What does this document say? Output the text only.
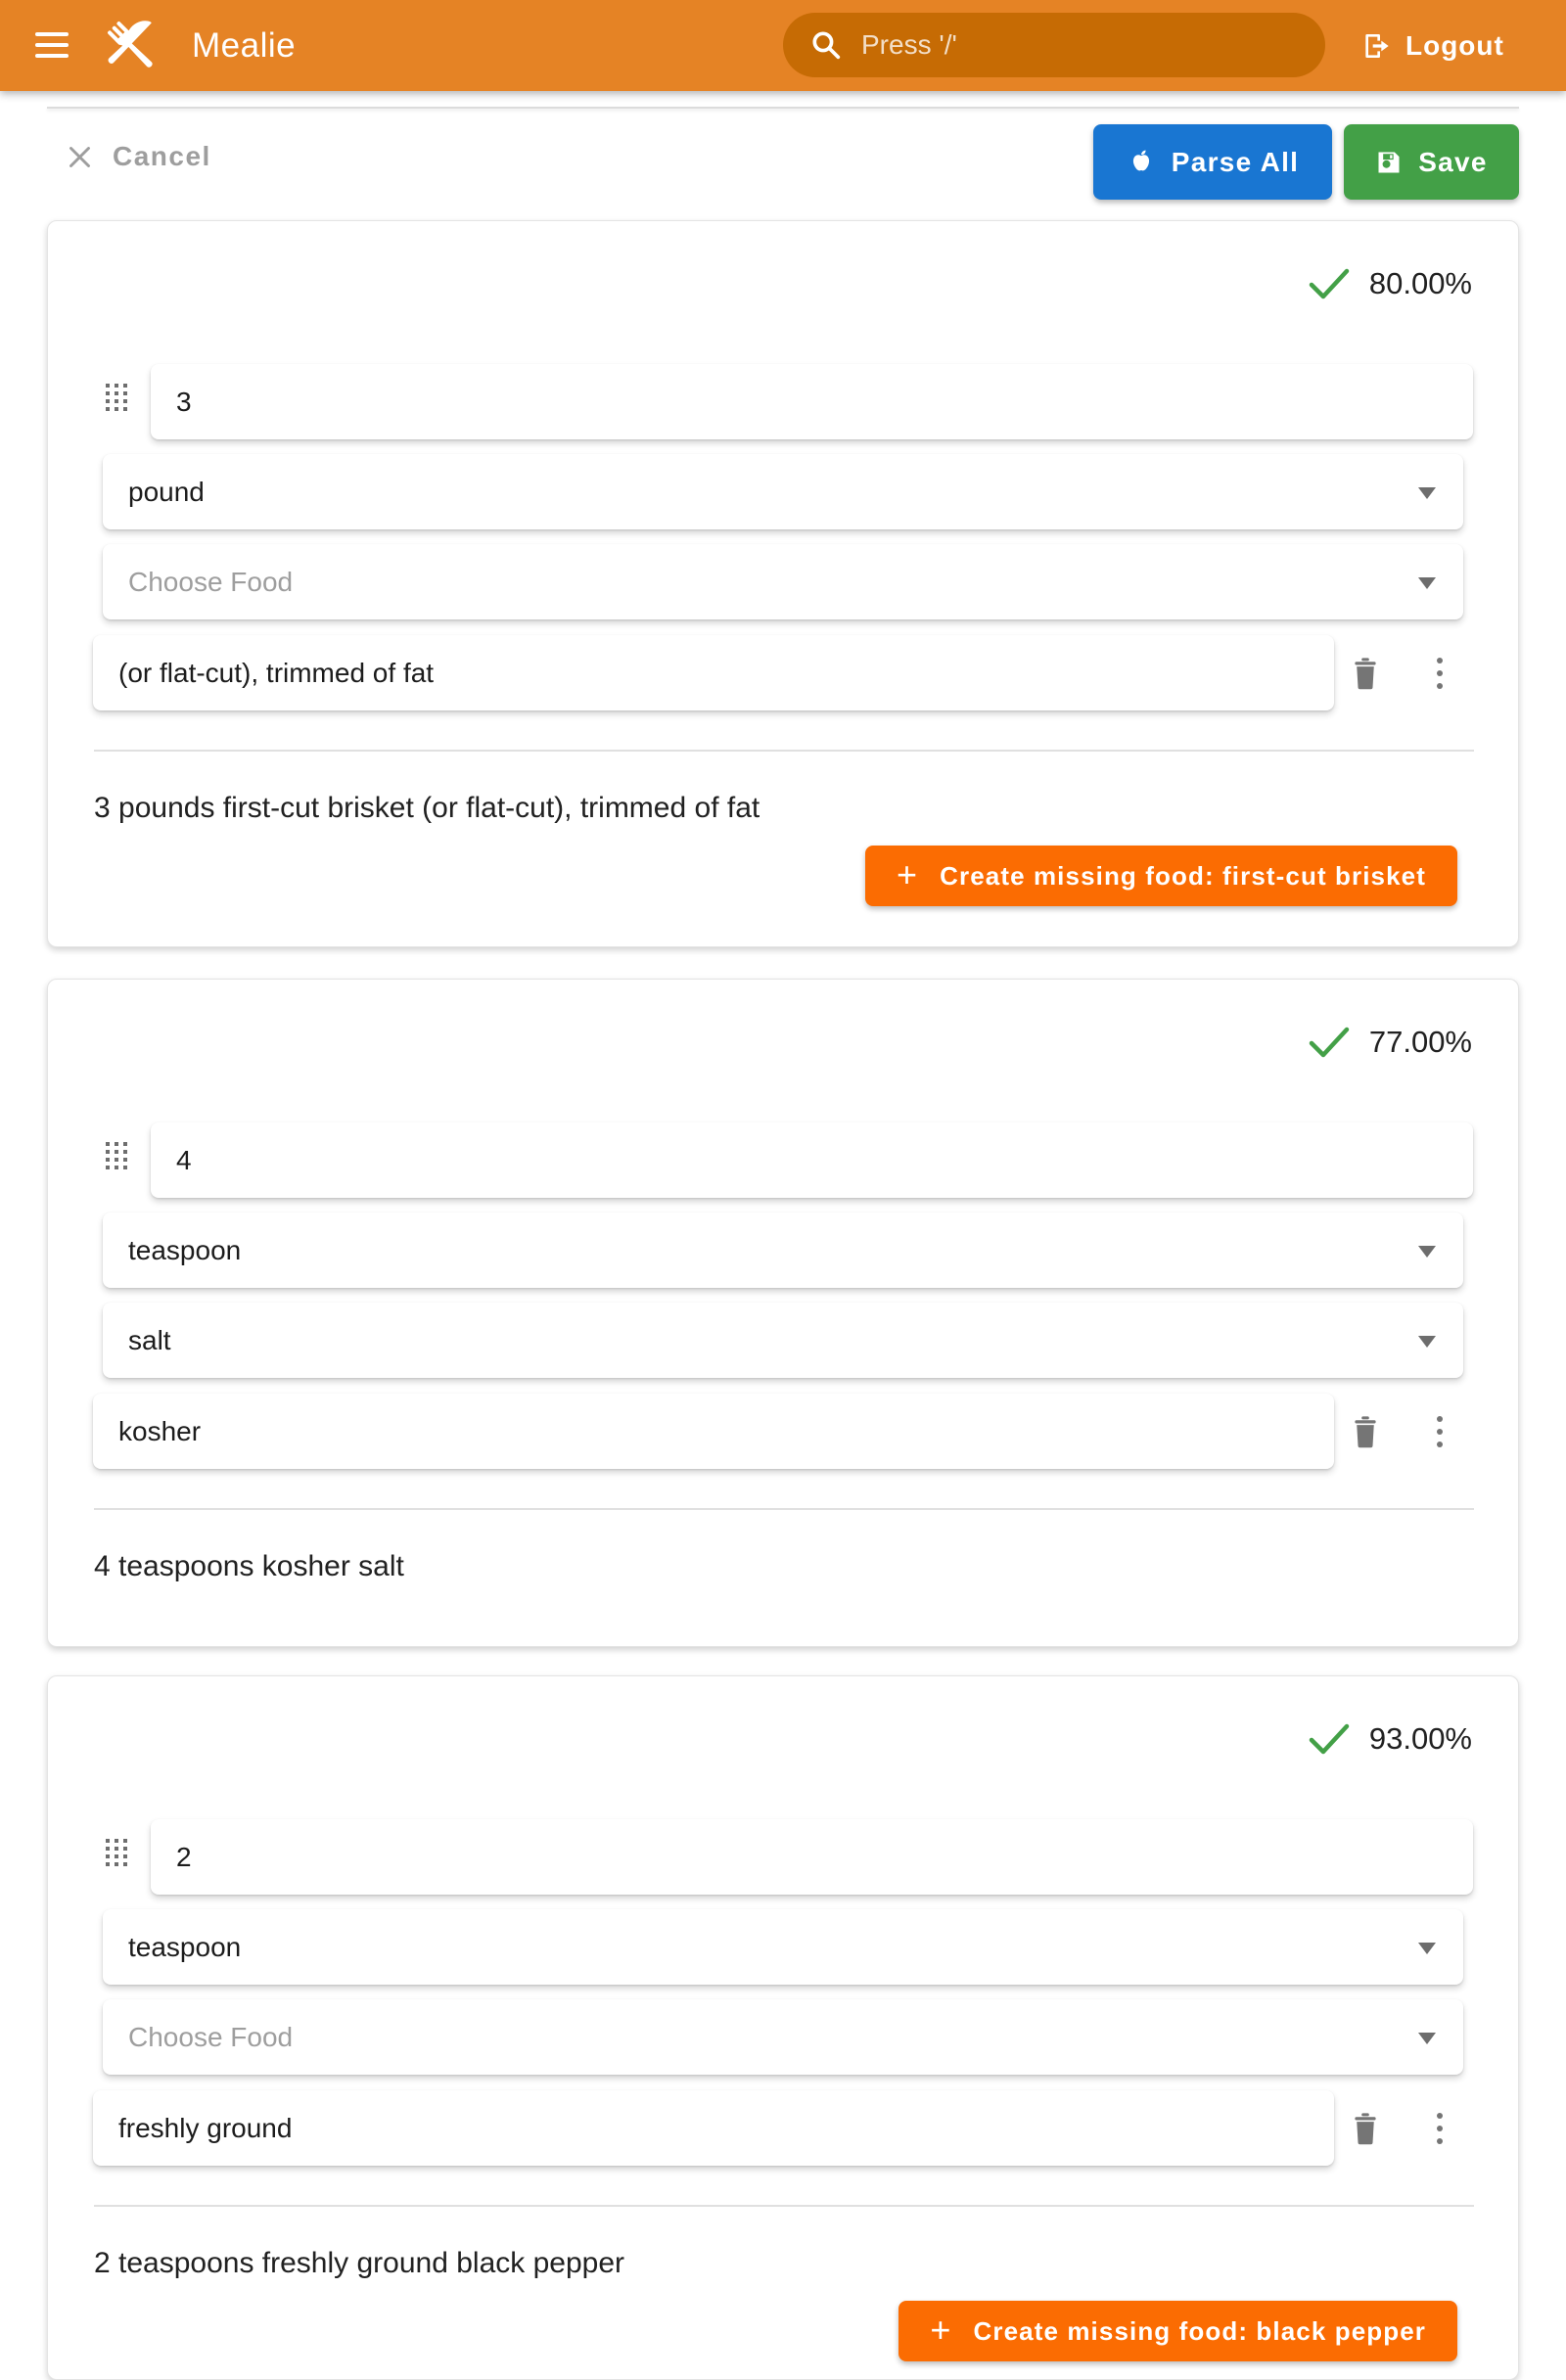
Mealie
Press '/'	Logout
Cancel	Parse All	Save
80.00%
3
pound
Choose Food
(or flat-cut), trimmed of fat
3 pounds first-cut brisket (or flat-cut), trimmed of fat
+ Create missing food: first-cut brisket
77.00%
4
teaspoon
salt
kosher
4 teaspoons kosher salt
93.00%
2
teaspoon
Choose Food
freshly ground
2 teaspoons freshly ground black pepper
+ Create missing food: black pepper
